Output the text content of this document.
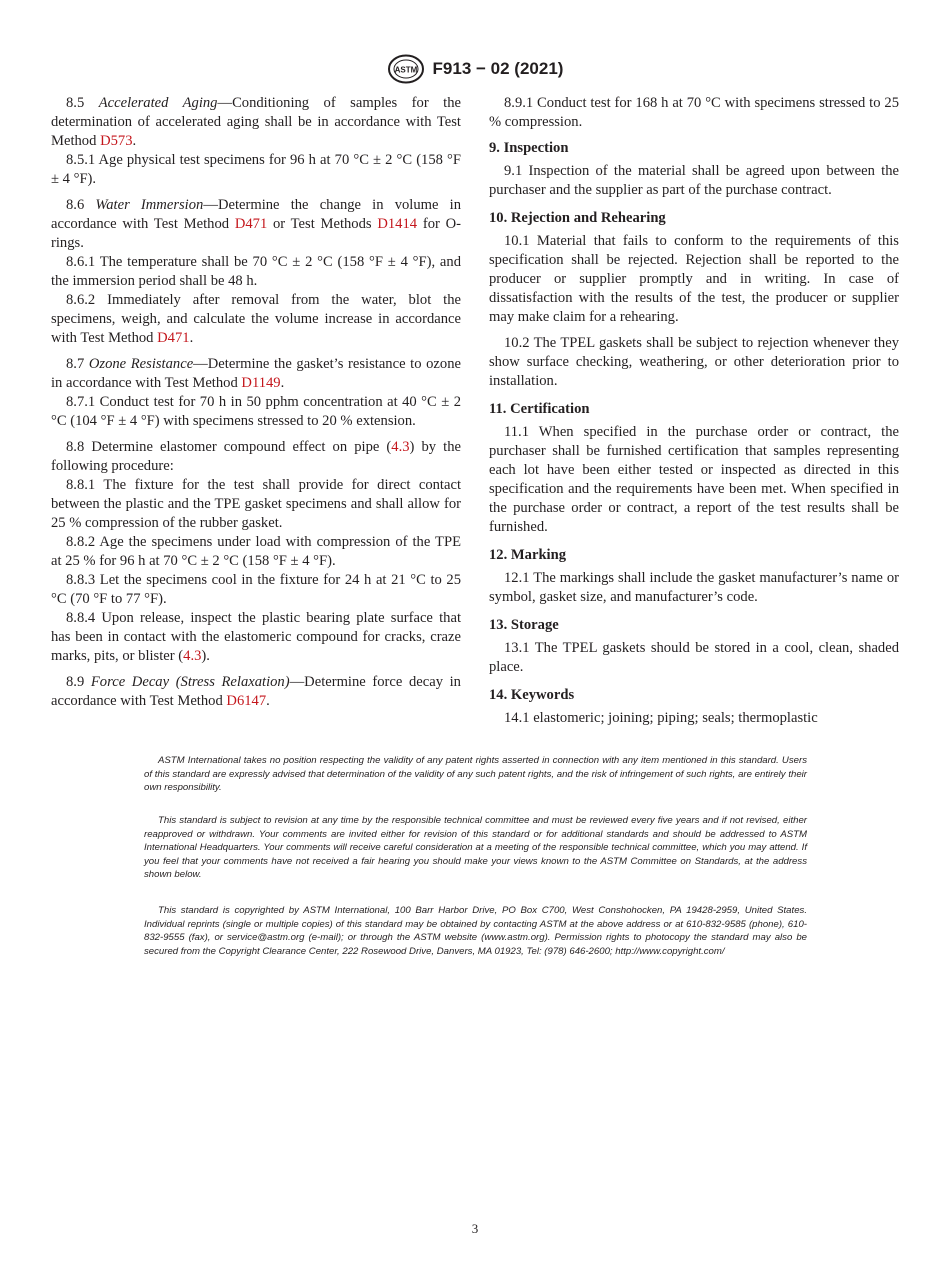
ASTM F913 − 02 (2021)

8.5 Accelerated Aging—Conditioning of samples for the determination of accelerated aging shall be in accordance with Test Method D573.

8.5.1 Age physical test specimens for 96 h at 70 °C ± 2 °C (158 °F ± 4 °F).

8.6 Water Immersion—Determine the change in volume in accordance with Test Method D471 or Test Methods D1414 for O-rings.

8.6.1 The temperature shall be 70 °C ± 2 °C (158 °F ± 4 °F), and the immersion period shall be 48 h.

8.6.2 Immediately after removal from the water, blot the specimens, weigh, and calculate the volume increase in accordance with Test Method D471.

8.7 Ozone Resistance—Determine the gasket’s resistance to ozone in accordance with Test Method D1149.

8.7.1 Conduct test for 70 h in 50 pphm concentration at 40 °C ± 2 °C (104 °F ± 4 °F) with specimens stressed to 20 % extension.

8.8 Determine elastomer compound effect on pipe (4.3) by the following procedure:

8.8.1 The fixture for the test shall provide for direct contact between the plastic and the TPE gasket specimens and shall allow for 25 % compression of the rubber gasket.

8.8.2 Age the specimens under load with compression of the TPE at 25 % for 96 h at 70 °C ± 2 °C (158 °F ± 4 °F).

8.8.3 Let the specimens cool in the fixture for 24 h at 21 °C to 25 °C (70 °F to 77 °F).

8.8.4 Upon release, inspect the plastic bearing plate surface that has been in contact with the elastomeric compound for cracks, craze marks, pits, or blister (4.3).

8.9 Force Decay (Stress Relaxation)—Determine force decay in accordance with Test Method D6147.

8.9.1 Conduct test for 168 h at 70 °C with specimens stressed to 25 % compression.

9. Inspection

9.1 Inspection of the material shall be agreed upon between the purchaser and the supplier as part of the purchase contract.

10. Rejection and Rehearing

10.1 Material that fails to conform to the requirements of this specification shall be rejected. Rejection shall be reported to the producer or supplier promptly and in writing. In case of dissatisfaction with the results of the test, the producer or supplier may make claim for a rehearing.

10.2 The TPEL gaskets shall be subject to rejection whenever they show surface checking, weathering, or other deterioration prior to installation.

11. Certification

11.1 When specified in the purchase order or contract, the purchaser shall be furnished certification that samples representing each lot have been either tested or inspected as directed in this specification and the requirements have been met. When specified in the purchase order or contract, a report of the test results shall be furnished.

12. Marking

12.1 The markings shall include the gasket manufacturer’s name or symbol, gasket size, and manufacturer’s code.

13. Storage

13.1 The TPEL gaskets should be stored in a cool, clean, shaded place.

14. Keywords

14.1 elastomeric; joining; piping; seals; thermoplastic

ASTM International takes no position respecting the validity of any patent rights asserted in connection with any item mentioned in this standard. Users of this standard are expressly advised that determination of the validity of any such patent rights, and the risk of infringement of such rights, are entirely their own responsibility.

This standard is subject to revision at any time by the responsible technical committee and must be reviewed every five years and if not revised, either reapproved or withdrawn. Your comments are invited either for revision of this standard or for additional standards and should be addressed to ASTM International Headquarters. Your comments will receive careful consideration at a meeting of the responsible technical committee, which you may attend. If you feel that your comments have not received a fair hearing you should make your views known to the ASTM Committee on Standards, at the address shown below.

This standard is copyrighted by ASTM International, 100 Barr Harbor Drive, PO Box C700, West Conshohocken, PA 19428-2959, United States. Individual reprints (single or multiple copies) of this standard may be obtained by contacting ASTM at the above address or at 610-832-9585 (phone), 610-832-9555 (fax), or service@astm.org (e-mail); or through the ASTM website (www.astm.org). Permission rights to photocopy the standard may also be secured from the Copyright Clearance Center, 222 Rosewood Drive, Danvers, MA 01923, Tel: (978) 646-2600; http://www.copyright.com/

3
